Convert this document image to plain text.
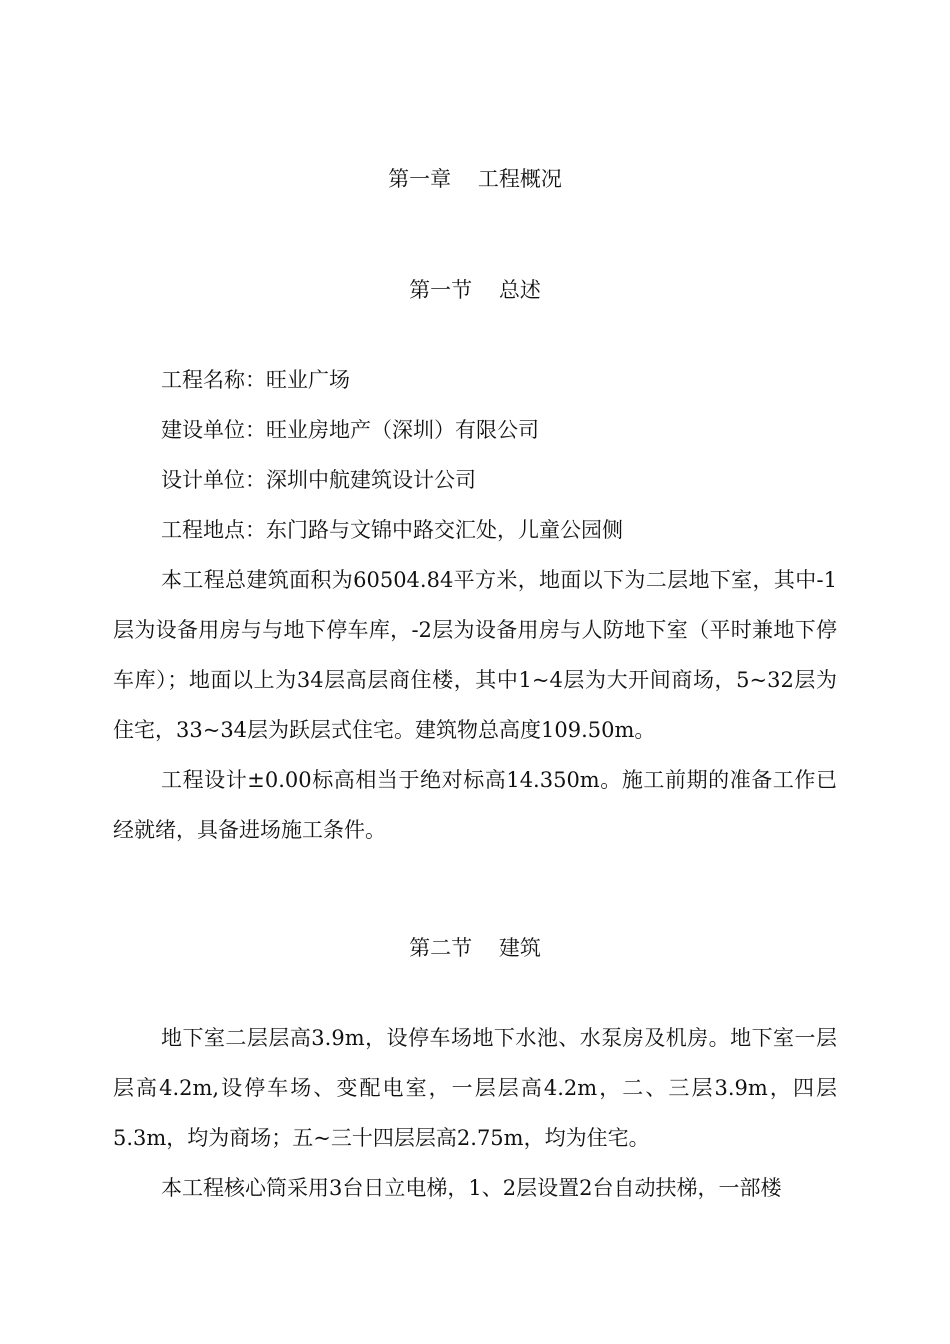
第一章    工程概况
第一节    总述
工程名称：旺业广场
建设单位：旺业房地产（深圳）有限公司
设计单位：深圳中航建筑设计公司
工程地点：东门路与文锦中路交汇处，儿童公园侧

本工程总建筑面积为60504.84平方米，地面以下为二层地下室，其中-1层为设备用房与与地下停车库，-2层为设备用房与人防地下室（平时兼地下停车库）；地面以上为34层高层商住楼，其中1~4层为大开间商场，5~32层为住宅，33~34层为跃层式住宅。建筑物总高度109.50m。

工程设计±0.00标高相当于绝对标高14.350m。施工前期的准备工作已经就绪，具备进场施工条件。

第二节    建筑

地下室二层层高3.9m，设停车场地下水池、水泵房及机房。地下室一层层高4.2m,设停车场、变配电室，一层层高4.2m，二、三层3.9m，四层5.3m，均为商场；五~三十四层层高2.75m，均为住宅。

本工程核心筒采用3台日立电梯，1、2层设置2台自动扶梯，一部楼
